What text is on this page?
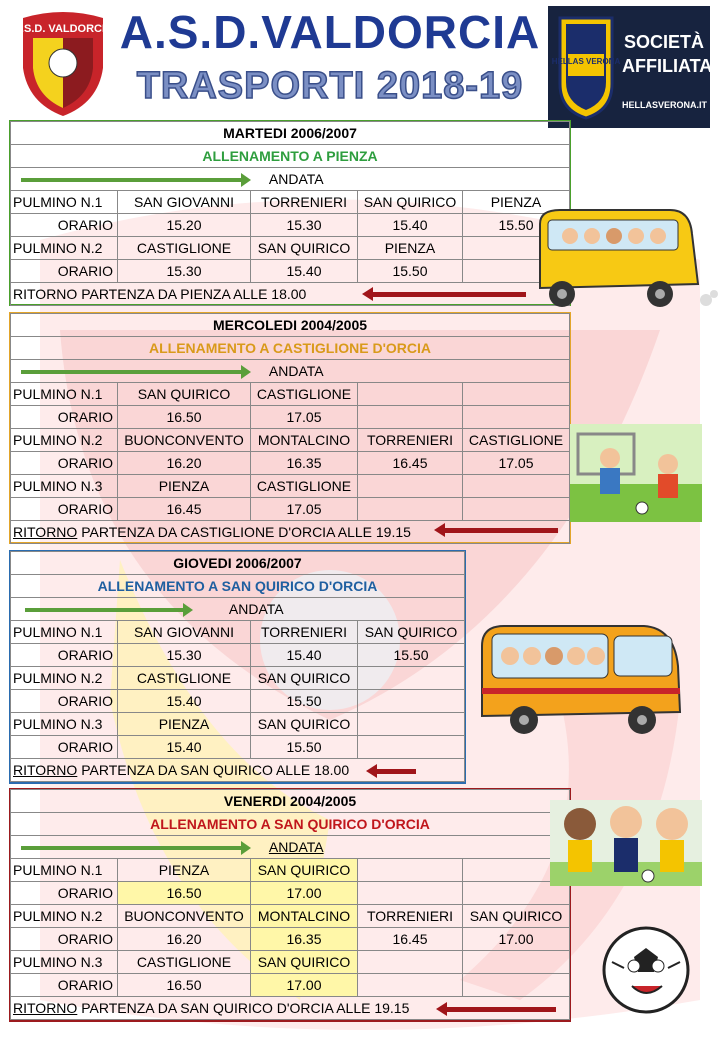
A.S.D. VALDORCIA A.S.D.VALDORCIA
TRASPORTI 2018-19
HELLAS VERONA
SOCIETÀ
AFFILIATA
HELLASVERONA.IT
MARTEDI 2006/2007				
ALLENAMENTO A PIENZA				
ANDATA				
PULMINO N.1	SAN GIOVANNI	TORRENIERI	SAN QUIRICO	PIENZA
ORARIO	15.20	15.30	15.40	15.50
PULMINO N.2	CASTIGLIONE	SAN QUIRICO	PIENZA	
ORARIO	15.30	15.40	15.50	
RITORNO PARTENZA DA PIENZA ALLE 18.00				
MERCOLEDI 2004/2005				
ALLENAMENTO A CASTIGLIONE D'ORCIA				
ANDATA				
PULMINO N.1	SAN QUIRICO	CASTIGLIONE		
ORARIO	16.50	17.05		
PULMINO N.2	BUONCONVENTO	MONTALCINO	TORRENIERI	CASTIGLIONE
ORARIO	16.20	16.35	16.45	17.05
PULMINO N.3	PIENZA	CASTIGLIONE		
ORARIO	16.45	17.05		
RITORNO PARTENZA DA CASTIGLIONE D'ORCIA ALLE 19.15				
GIOVEDI 2006/2007			
ALLENAMENTO A SAN QUIRICO D'ORCIA			
ANDATA			
PULMINO N.1	SAN GIOVANNI	TORRENIERI	SAN QUIRICO
ORARIO	15.30	15.40	15.50
PULMINO N.2	CASTIGLIONE	SAN QUIRICO	
ORARIO	15.40	15.50	
PULMINO N.3	PIENZA	SAN QUIRICO	
ORARIO	15.40	15.50	
RITORNO PARTENZA DA SAN QUIRICO ALLE 18.00			
VENERDI 2004/2005				
ALLENAMENTO A SAN QUIRICO D'ORCIA				
ANDATA				
PULMINO N.1	PIENZA	SAN QUIRICO		
ORARIO	16.50	17.00		
PULMINO N.2	BUONCONVENTO	MONTALCINO	TORRENIERI	SAN QUIRICO
ORARIO	16.20	16.35	16.45	17.00
PULMINO N.3	CASTIGLIONE	SAN QUIRICO		
ORARIO	16.50	17.00		
RITORNO PARTENZA DA SAN QUIRICO D'ORCIA ALLE 19.15				
